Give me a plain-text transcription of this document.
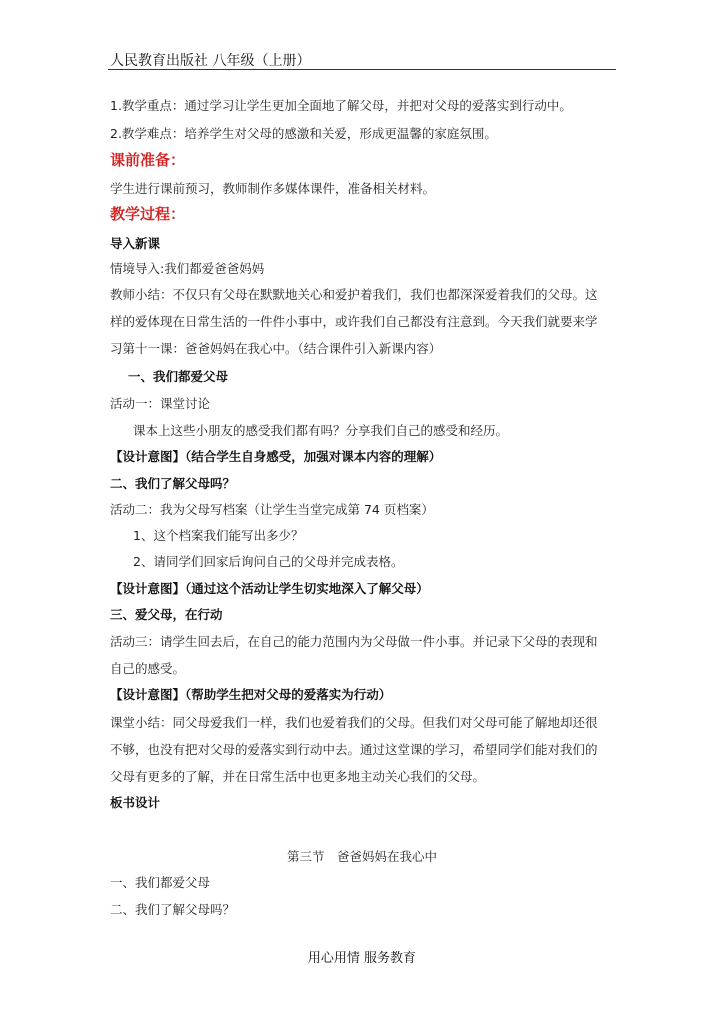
人民教育出版社 八年级（上册）
1.教学重点：通过学习让学生更加全面地了解父母，并把对父母的爱落实到行动中。
2.教学难点：培养学生对父母的感激和关爱，形成更温馨的家庭氛围。
课前准备：
学生进行课前预习，教师制作多媒体课件，准备相关材料。
教学过程：
导入新课
情境导入:我们都爱爸爸妈妈
教师小结：不仅只有父母在默默地关心和爱护着我们，我们也都深深爱着我们的父母。这
样的爱体现在日常生活的一件件小事中，或许我们自己都没有注意到。今天我们就要来学
习第十一课：爸爸妈妈在我心中。（结合课件引入新课内容）
一、我们都爱父母
活动一：课堂讨论
课本上这些小朋友的感受我们都有吗？分享我们自己的感受和经历。
【设计意图】（结合学生自身感受，加强对课本内容的理解）
二、我们了解父母吗？
活动二：我为父母写档案（让学生当堂完成第 74 页档案）
1、这个档案我们能写出多少？
2、请同学们回家后询问自己的父母并完成表格。
【设计意图】（通过这个活动让学生切实地深入了解父母）
三、爱父母，在行动
活动三：请学生回去后，在自己的能力范围内为父母做一件小事。并记录下父母的表现和
自己的感受。
【设计意图】（帮助学生把对父母的爱落实为行动）
课堂小结：同父母爱我们一样，我们也爱着我们的父母。但我们对父母可能了解地却还很
不够，也没有把对父母的爱落实到行动中去。通过这堂课的学习，希望同学们能对我们的
父母有更多的了解，并在日常生活中也更多地主动关心我们的父母。
板书设计
第三节　爸爸妈妈在我心中
一、我们都爱父母
二、我们了解父母吗？
用心用情 服务教育
